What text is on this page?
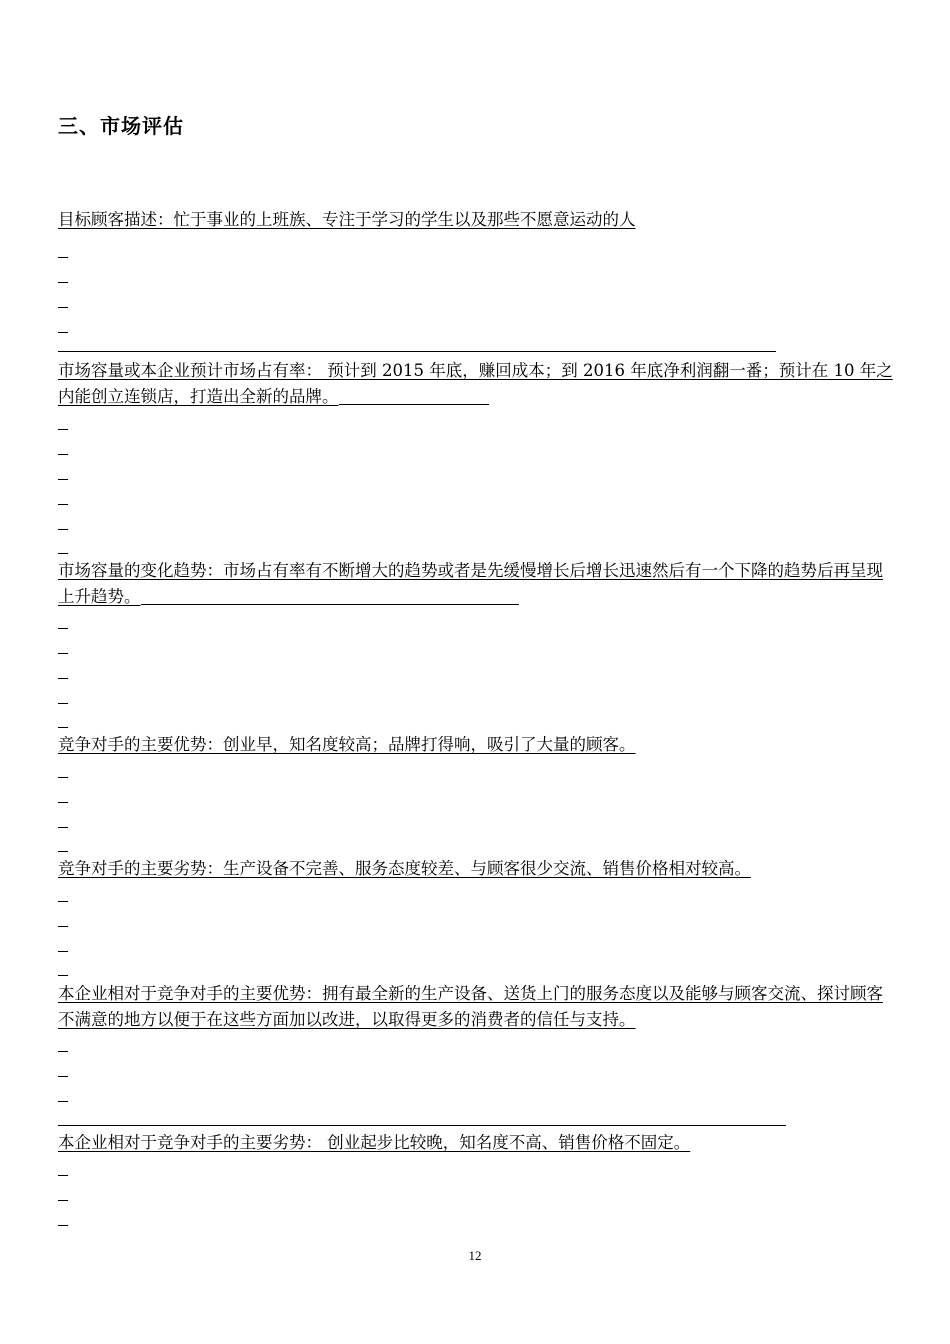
三、市场评估
目标顾客描述：忙于事业的上班族、专注于学习的学生以及那些不愿意运动的人
市场容量或本企业预计市场占有率： 预计到 2015 年底，赚回成本；到 2016 年底净利润翻一番；预计在 10 年之内能创立连锁店，打造出全新的品牌。
市场容量的变化趋势：市场占有率有不断增大的趋势或者是先缓慢增长后增长迅速然后有一个下降的趋势后再呈现上升趋势。
竞争对手的主要优势：创业早，知名度较高；品牌打得响，吸引了大量的顾客。
竞争对手的主要劣势：生产设备不完善、服务态度较差、与顾客很少交流、销售价格相对较高。
本企业相对于竞争对手的主要优势：拥有最全新的生产设备、送货上门的服务态度以及能够与顾客交流、探讨顾客不满意的地方以便于在这些方面加以改进，以取得更多的消费者的信任与支持。
本企业相对于竞争对手的主要劣势： 创业起步比较晚，知名度不高、销售价格不固定。
12
